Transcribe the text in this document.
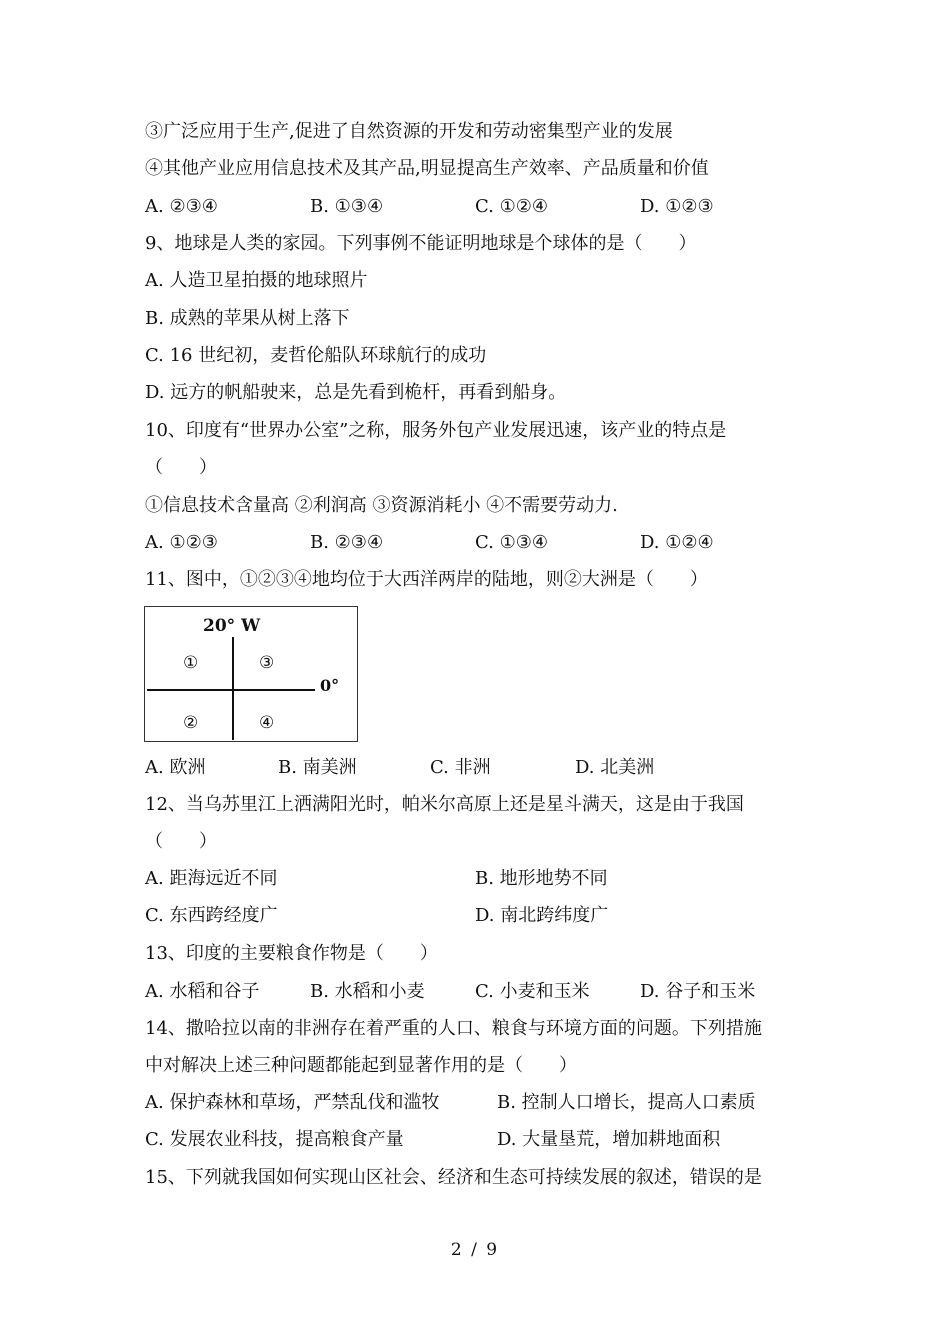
③广泛应用于生产,促进了自然资源的开发和劳动密集型产业的发展
④其他产业应用信息技术及其产品,明显提高生产效率、产品质量和价值
A. ②③④	B. ①③④	C. ①②④	D. ①②③
9、地球是人类的家园。下列事例不能证明地球是个球体的是（　　）
A. 人造卫星拍摄的地球照片
B. 成熟的苹果从树上落下
C. 16 世纪初，麦哲伦船队环球航行的成功
D. 远方的帆船驶来，总是先看到桅杆，再看到船身。
10、印度有“世界办公室”之称，服务外包产业发展迅速，该产业的特点是
（　　）
①信息技术含量高 ②利润高 ③资源消耗小 ④不需要劳动力.
A. ①②③	B. ②③④	C. ①③④	D. ①②④
11、图中，①②③④地均位于大西洋两岸的陆地，则②大洲是（　　）
20° W
0°
①	③
②	④
A. 欧洲	B. 南美洲	C. 非洲	D. 北美洲
12、当乌苏里江上洒满阳光时，帕米尔高原上还是星斗满天，这是由于我国
（　　）
A. 距海远近不同	B. 地形地势不同
C. 东西跨经度广	D. 南北跨纬度广
13、印度的主要粮食作物是（　　）
A. 水稻和谷子	B. 水稻和小麦	C. 小麦和玉米	D. 谷子和玉米
14、撒哈拉以南的非洲存在着严重的人口、粮食与环境方面的问题。下列措施
中对解决上述三种问题都能起到显著作用的是（　　）
A. 保护森林和草场，严禁乱伐和滥牧	B. 控制人口增长，提高人口素质
C. 发展农业科技，提高粮食产量	D. 大量垦荒，增加耕地面积
15、下列就我国如何实现山区社会、经济和生态可持续发展的叙述，错误的是
2 / 9
